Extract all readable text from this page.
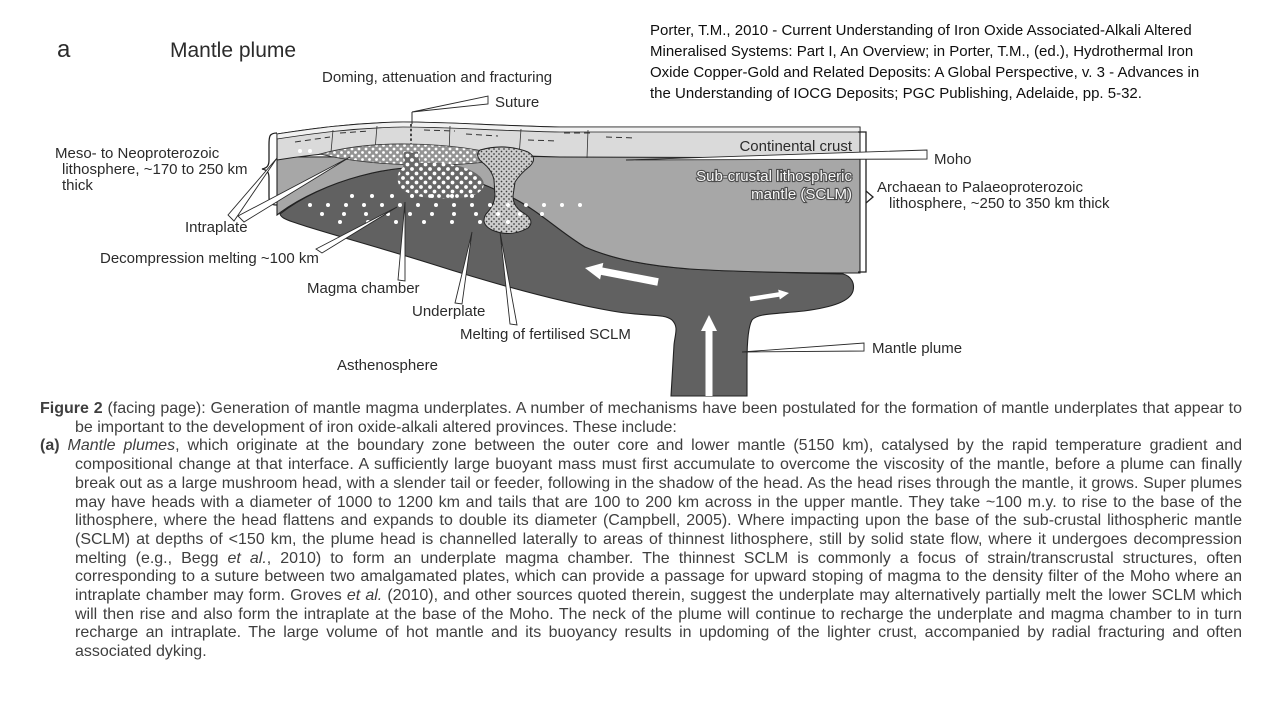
a	Mantle plume
Doming, attenuation and fracturing
Suture
Meso- to Neoproterozoic
lithosphere, ~170 to 250 km
thick
Intraplate
Decompression melting ~100 km
Magma chamber
Underplate
Melting of fertilised SCLM
Asthenosphere
Continental crust
Sub-crustal lithospheric
mantle (SCLM)
Moho
Archaean to Palaeoproterozoic
lithosphere, ~250 to 350 km thick
Mantle plume
Porter, T.M., 2010 - Current Understanding of Iron Oxide Associated-Alkali Altered Mineralised Systems: Part I, An Overview; in Porter, T.M., (ed.), Hydrothermal Iron Oxide Copper-Gold and Related Deposits: A Global Perspective, v. 3 - Advances in the Understanding of IOCG Deposits; PGC Publishing, Adelaide, pp. 5-32.
Figure 2 (facing page): Generation of mantle magma underplates. A number of mechanisms have been postulated for the formation of mantle underplates that appear to be important to the development of iron oxide-alkali altered provinces. These include:
(a) Mantle plumes, which originate at the boundary zone between the outer core and lower mantle (5150 km), catalysed by the rapid temperature gradient and compositional change at that interface. A sufficiently large buoyant mass must first accumulate to overcome the viscosity of the mantle, before a plume can finally break out as a large mushroom head, with a slender tail or feeder, following in the shadow of the head. As the head rises through the mantle, it grows. Super plumes may have heads with a diameter of 1000 to 1200 km and tails that are 100 to 200 km across in the upper mantle. They take ~100 m.y. to rise to the base of the lithosphere, where the head flattens and expands to double its diameter (Campbell, 2005). Where impacting upon the base of the sub-crustal lithospheric mantle (SCLM) at depths of <150 km, the plume head is channelled laterally to areas of thinnest lithosphere, still by solid state flow, where it undergoes decompression melting (e.g., Begg et al., 2010) to form an underplate magma chamber. The thinnest SCLM is commonly a focus of strain/transcrustal structures, often corresponding to a suture between two amalgamated plates, which can provide a passage for upward stoping of magma to the density filter of the Moho where an intraplate chamber may form. Groves et al. (2010), and other sources quoted therein, suggest the underplate may alternatively partially melt the lower SCLM which will then rise and also form the intraplate at the base of the Moho. The neck of the plume will continue to recharge the underplate and magma chamber to in turn recharge an intraplate. The large volume of hot mantle and its buoyancy results in updoming of the lighter crust, accompanied by radial fracturing and often associated dyking.
